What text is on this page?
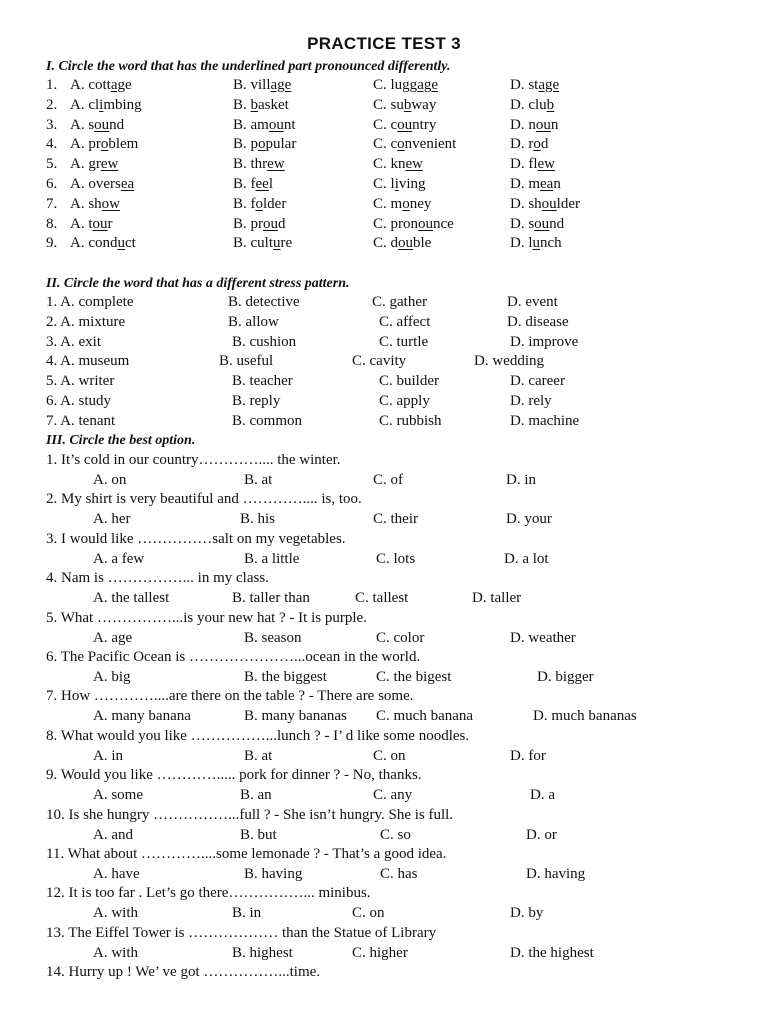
PRACTICE TEST 3
I. Circle the word that has the underlined part pronounced differently.
1. A. cottage	B. village	C. luggage	D. stage
2. A. climbing	B. basket	C. subway	D. club
3. A. sound	B. amount	C. country	D. noun
4. A. problem	B. popular	C. convenient	D. rod
5. A. grew	B. threw	C. knew	D. flew
6. A. oversea	B. feel	C. living	D. mean
7. A. show	B. folder	C. money	D. shoulder
8. A. tour	B. proud	C. pronounce	D. sound
9. A. conduct	B. culture	C. double	D. lunch
II. Circle the word that has a different stress pattern.
1. A. complete	B. detective	C. gather	D. event
2. A. mixture	B. allow	C. affect	D. disease
3. A. exit	B. cushion	C. turtle	D. improve
4. A. museum	B. useful	C. cavity	D. wedding
5. A. writer	B. teacher	C. builder	D. career
6. A. study	B. reply	C. apply	D. rely
7. A. tenant	B. common	C. rubbish	D. machine
III. Circle the best option.
1. It’s cold in our country………….... the winter.
A. on	B. at	C. of	D. in
2. My shirt is very beautiful and ………….... is, too.
A. her	B. his	C. their	D. your
3. I would like ……………salt on my vegetables.
A. a few	B. a little	C. lots	D. a lot
4. Nam is ……………... in my class.
A. the tallest	B. taller than	C. tallest	D. taller
5. What ……………...is your new hat ? - It is purple.
A. age	B. season	C. color	D. weather
6. The Pacific Ocean is …………………...ocean in the world.
A. big	B. the biggest	C. the bigest	D. bigger
7. How …………....are there on the table ? - There are some.
A. many banana	B. many bananas C. much banana	D. much bananas
8. What would you like ……………...lunch ? - I’ d like some noodles.
A. in	B. at	C. on	D. for
9. Would you like …………..... pork for dinner ? - No, thanks.
A. some	B. an	C. any	D. a
10. Is she hungry ……………...full ? - She isn’t hungry. She is full.
A. and	B. but	C. so	D. or
11. What about …………....some lemonade ? - That’s a good idea.
A. have	B. having	C. has	D. having
12. It is too far . Let’s go there……………... minibus.
A. with	B. in	C. on	D. by
13. The Eiffel Tower is ……………… than the Statue of Library
A. with	B. highest	C. higher	D. the highest
14. Hurry up ! We’ ve got ……………...time.
